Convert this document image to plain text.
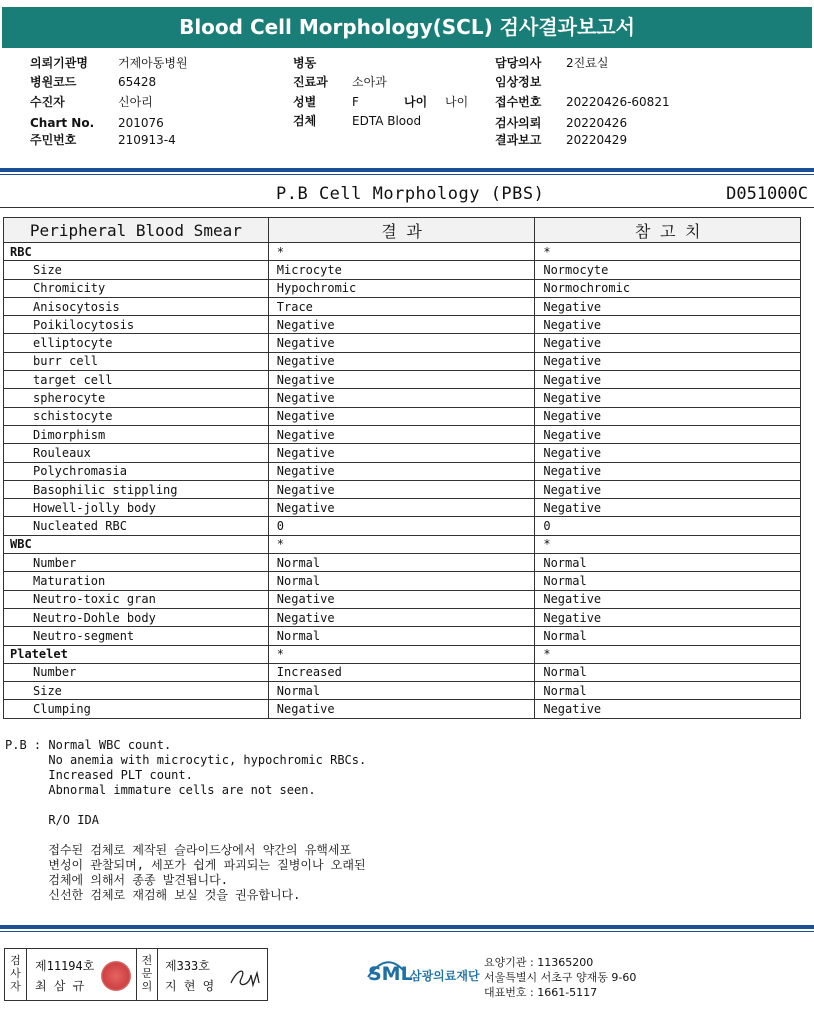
Blood Cell Morphology(SCL) 검사결과보고서
의뢰기관명	거제아동병원
병원코드	65428
수진자	신아리
Chart No. 201076
주민번호	210913-4
병동
진료과 소아과
성별	F	나이 나이
검체	EDTA Blood
담당의사 2진료실
임상정보
접수번호 20220426-60821
검사의뢰 20220426
결과보고 20220429
P.B Cell Morphology (PBS)	D051000C
Peripheral Blood Smear	결 과	참 고 치
RBC	*	*
Size	Microcyte	Normocyte
Chromicity	Hypochromic	Normochromic
Anisocytosis	Trace	Negative
Poikilocytosis	Negative	Negative
elliptocyte	Negative	Negative
burr cell	Negative	Negative
target cell	Negative	Negative
spherocyte	Negative	Negative
schistocyte	Negative	Negative
Dimorphism	Negative	Negative
Rouleaux	Negative	Negative
Polychromasia	Negative	Negative
Basophilic stippling	Negative	Negative
Howell-jolly body	Negative	Negative
Nucleated RBC	0	0
WBC	*	*
Number	Normal	Normal
Maturation	Normal	Normal
Neutro-toxic gran	Negative	Negative
Neutro-Dohle body	Negative	Negative
Neutro-segment	Normal	Normal
Platelet	*	*
Number	Increased	Normal
Size	Normal	Normal
Clumping	Negative	Negative
P.B : Normal WBC count.
No anemia with microcytic, hypochromic RBCs.
Increased PLT count.
Abnormal immature cells are not seen.
R/O IDA
접수된 검체로 제작된 슬라이드상에서 약간의 유핵세포
변성이 관찰되며, 세포가 쉽게 파괴되는 질병이나 오래된
검체에 의해서 종종 발견됩니다.
신선한 검체로 재검해 보실 것을 권유합니다.
검
사
자
제11194호
최 삼 규
전
문
의
제333호
지 현 영
SML
삼광의료재단
요양기관 : 11365200
서울특별시 서초구 양재동 9-60
대표번호 : 1661-5117
